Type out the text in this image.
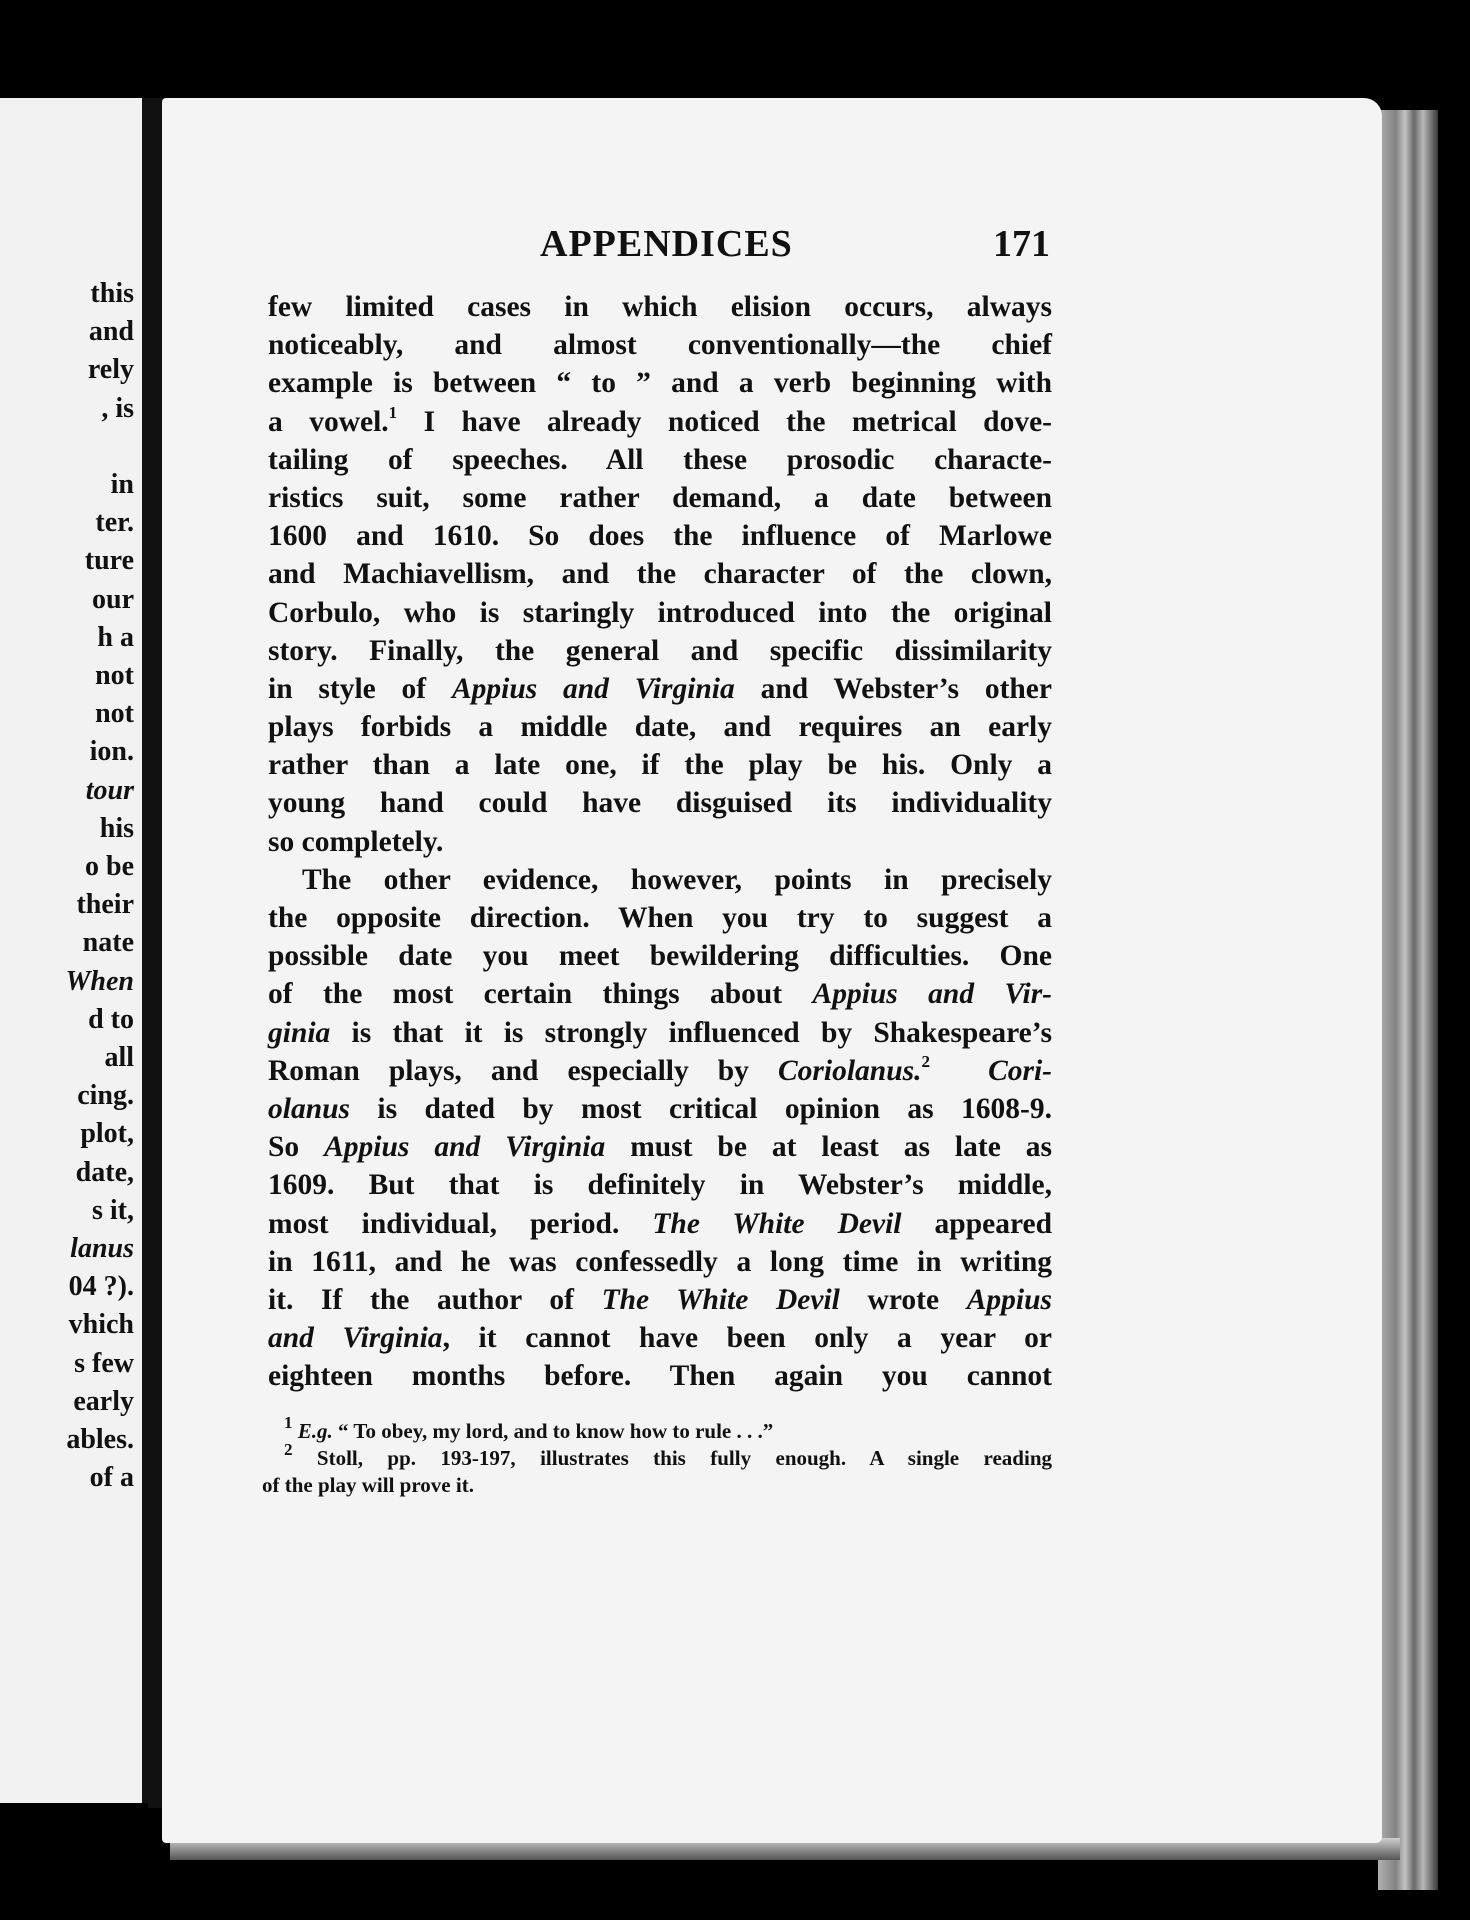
this
and
rely
, is
in
ter.
ture
our
h a
not
not
ion.
tour
his
o be
their
nate
When
d to
all
cing.
plot,
date,
s it,
lanus
04 ?).
vhich
s few
early
ables.
of a
APPENDICES	171
few limited cases in which elision occurs, always
noticeably, and almost conventionally—the chief
example is between “ to ” and a verb beginning with
a vowel.$^1$ I have already noticed the metrical dove-
tailing of speeches. All these prosodic characte-
ristics suit, some rather demand, a date between
1600 and 1610. So does the influence of Marlowe
and Machiavellism, and the character of the clown,
Corbulo, who is staringly introduced into the original
story. Finally, the general and specific dissimilarity
in style of Appius and Virginia and Webster’s other
plays forbids a middle date, and requires an early
rather than a late one, if the play be his. Only a
young hand could have disguised its individuality
so completely.
The other evidence, however, points in precisely
the opposite direction. When you try to suggest a
possible date you meet bewildering difficulties. One
of the most certain things about Appius and Vir-
ginia is that it is strongly influenced by Shakespeare’s
Roman plays, and especially by Coriolanus.$^2$ Cori-
olanus is dated by most critical opinion as 1608-9.
So Appius and Virginia must be at least as late as
1609. But that is definitely in Webster’s middle,
most individual, period. The White Devil appeared
in 1611, and he was confessedly a long time in writing
it. If the author of The White Devil wrote Appius
and Virginia, it cannot have been only a year or
eighteen months before. Then again you cannot
$^1$ E.g. “ To obey, my lord, and to know how to rule . . .”
$^2$ Stoll, pp. 193-197, illustrates this fully enough. A single reading
of the play will prove it.
